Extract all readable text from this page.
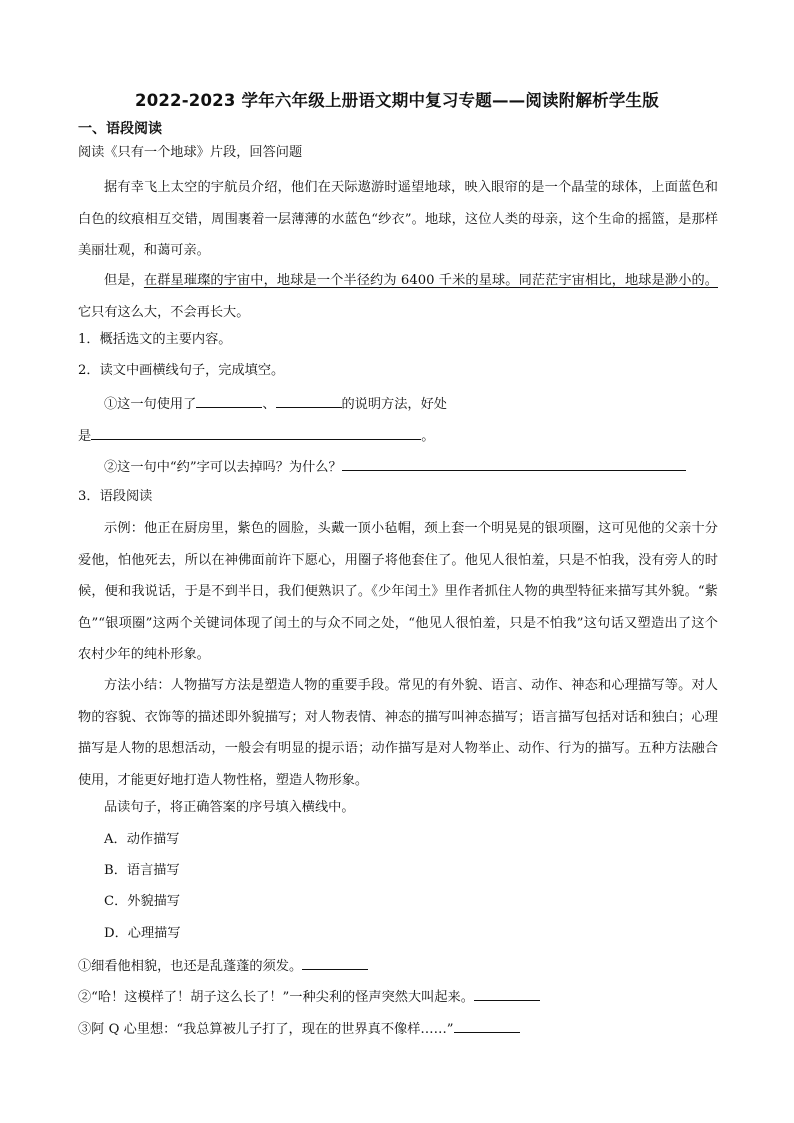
2022-2023 学年六年级上册语文期中复习专题——阅读附解析学生版
一、语段阅读
阅读《只有一个地球》片段，回答问题
据有幸飞上太空的宇航员介绍，他们在天际遨游时遥望地球，映入眼帘的是一个晶莹的球体，上面蓝色和白色的纹痕相互交错，周围裹着一层薄薄的水蓝色“纱衣”。地球，这位人类的母亲，这个生命的摇篮，是那样美丽壮观，和蔼可亲。
但是，在群星璀璨的宇宙中，地球是一个半径约为 6400 千米的星球。同茫茫宇宙相比，地球是渺小的。它只有这么大，不会再长大。
1．概括选文的主要内容。
2．读文中画横线句子，完成填空。
①这一句使用了	、	的说明方法，好处
是	。
②这一句中“约”字可以去掉吗？为什么？
3．语段阅读
示例：他正在厨房里，紫色的圆脸，头戴一顶小毡帽，颈上套一个明晃晃的银项圈，这可见他的父亲十分爱他，怕他死去，所以在神佛面前许下愿心，用圈子将他套住了。他见人很怕羞，只是不怕我，没有旁人的时候，便和我说话，于是不到半日，我们便熟识了。《少年闰土》里作者抓住人物的典型特征来描写其外貌。“紫色”“银项圈”这两个关键词体现了闰土的与众不同之处，“他见人很怕羞，只是不怕我”这句话又塑造出了这个农村少年的纯朴形象。
方法小结：人物描写方法是塑造人物的重要手段。常见的有外貌、语言、动作、神态和心理描写等。对人物的容貌、衣饰等的描述即外貌描写；对人物表情、神态的描写叫神态描写；语言描写包括对话和独白；心理描写是人物的思想活动，一般会有明显的提示语；动作描写是对人物举止、动作、行为的描写。五种方法融合使用，才能更好地打造人物性格，塑造人物形象。
品读句子，将正确答案的序号填入横线中。
A．动作描写
B．语言描写
C．外貌描写
D．心理描写
①细看他相貌，也还是乱蓬蓬的须发。
②“哈！这模样了！胡子这么长了！”一种尖利的怪声突然大叫起来。
③阿 Q 心里想：“我总算被儿子打了，现在的世界真不像样……”
